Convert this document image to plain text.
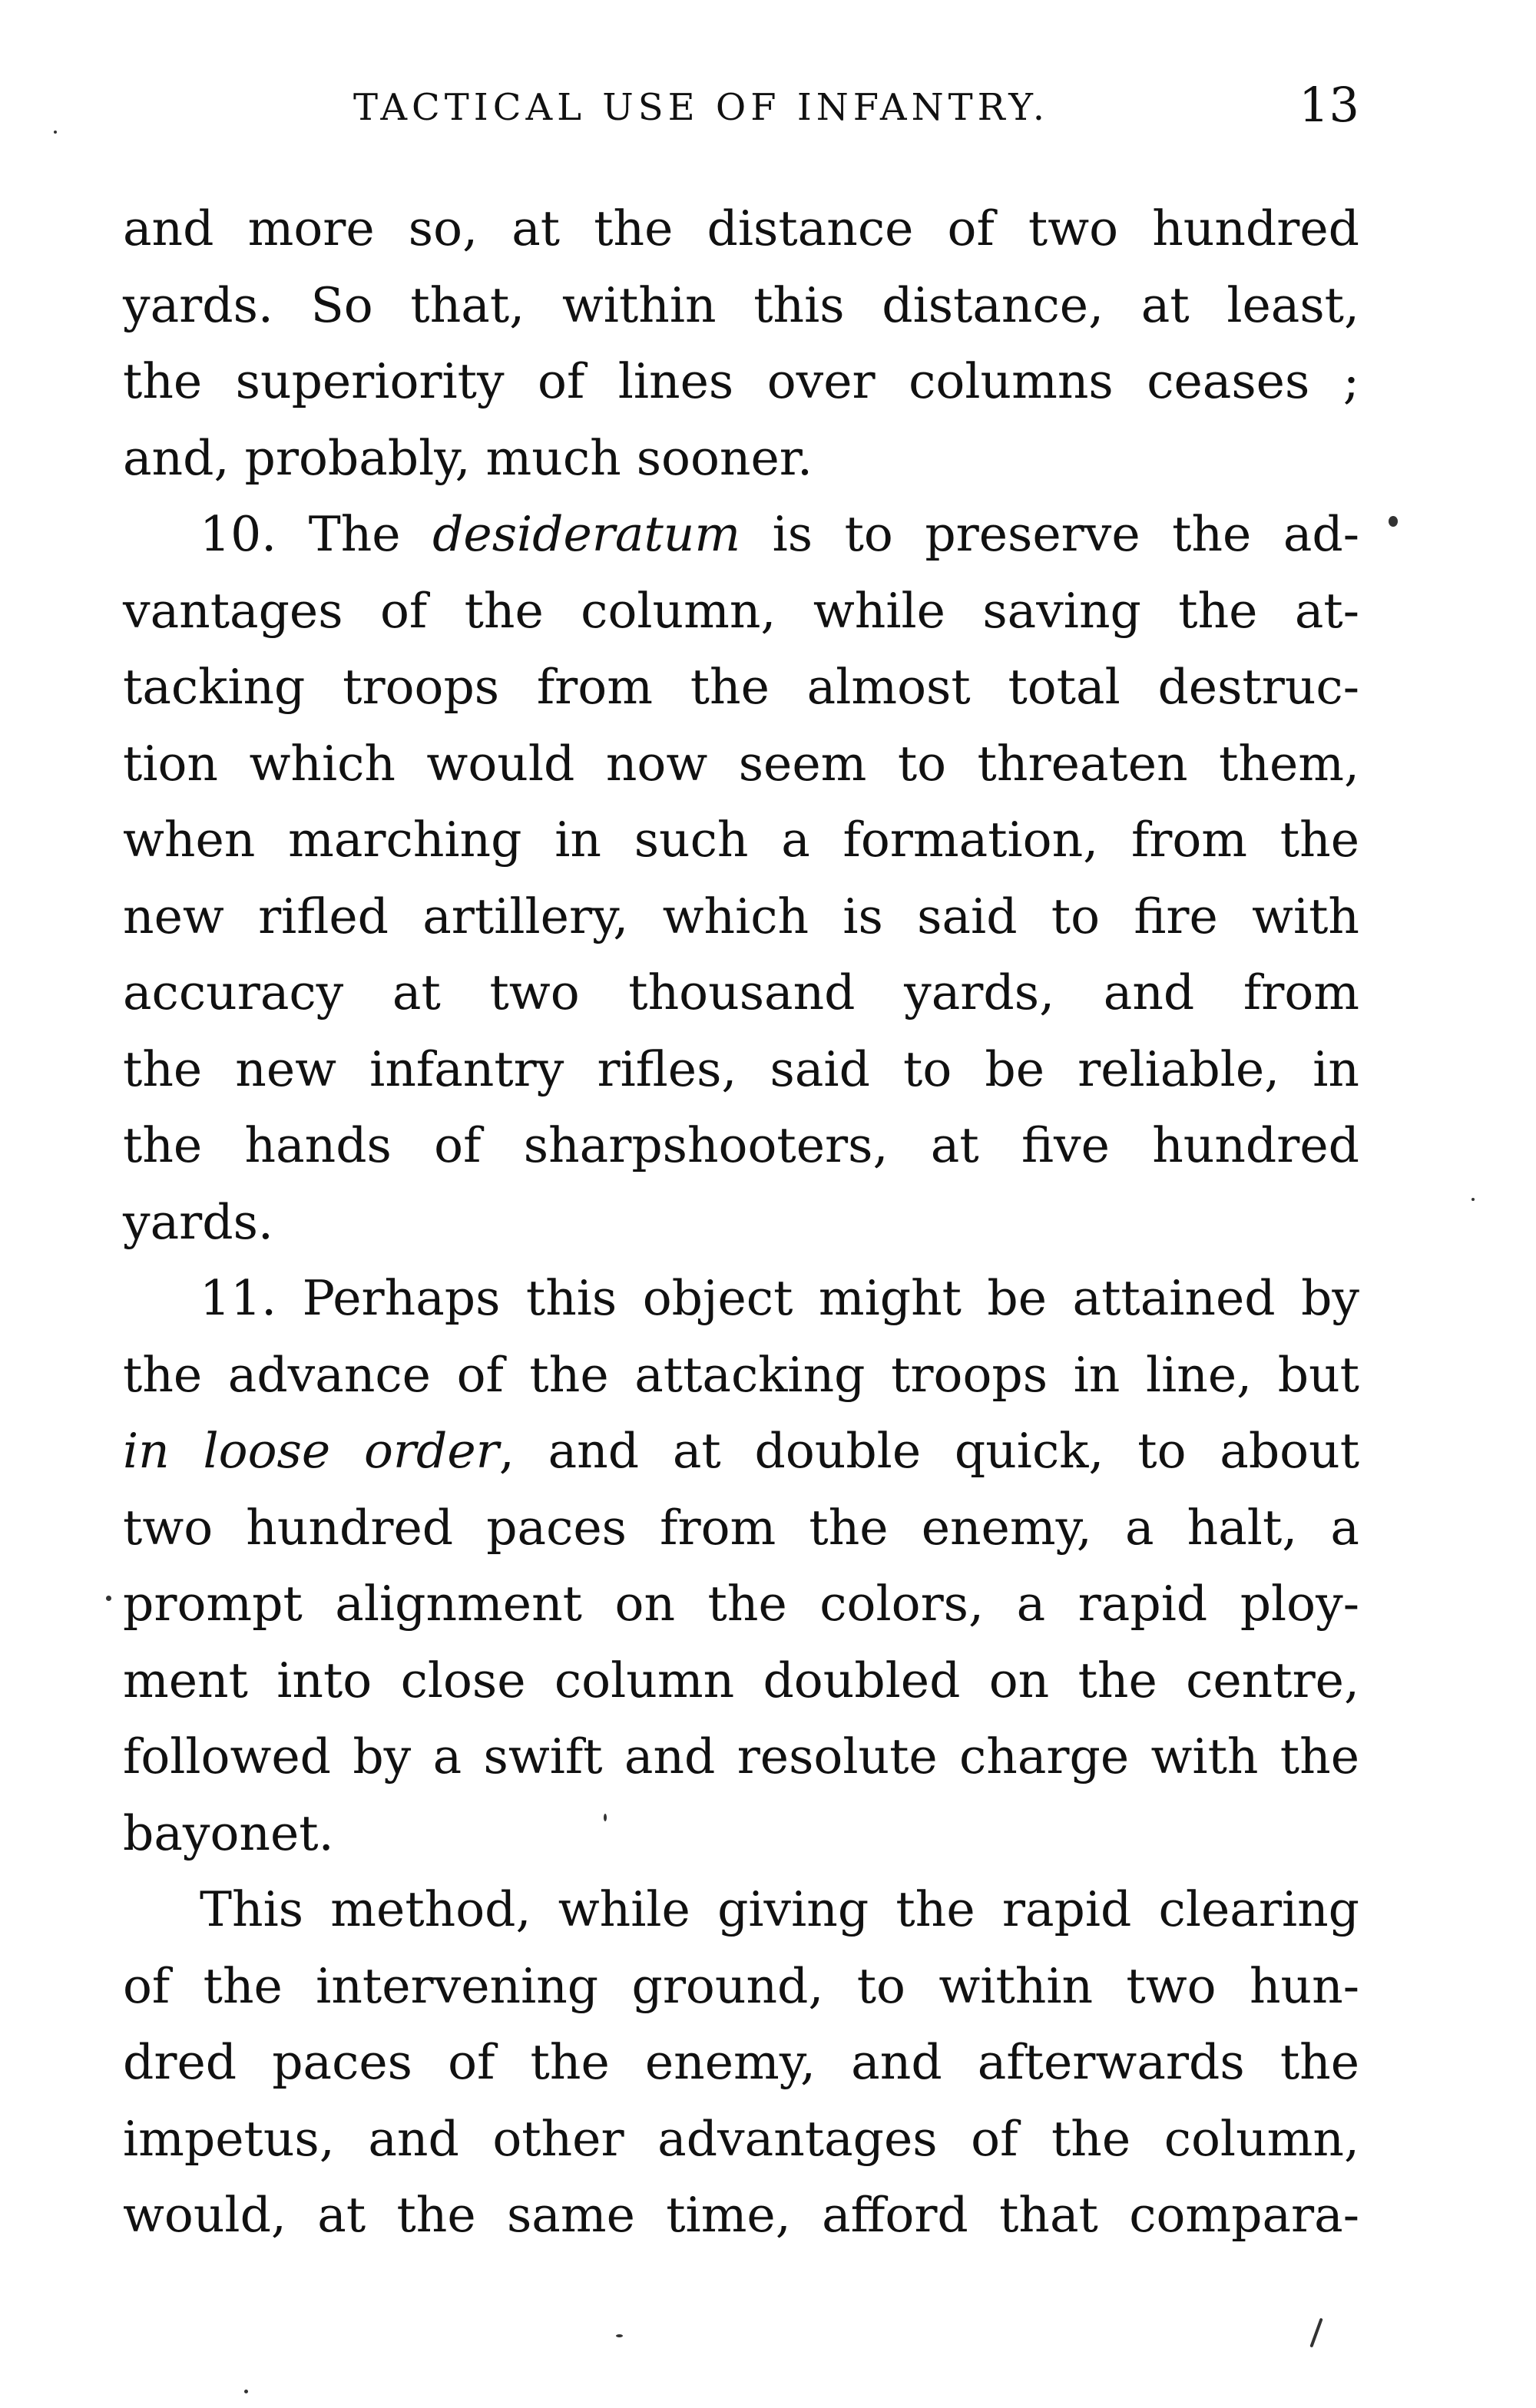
TACTICAL USE OF INFANTRY.	13
and more so, at the distance of two hundred
yards. So that, within this distance, at least,
the superiority of lines over columns ceases ;
and, probably, much sooner.
10. The desideratum is to preserve the ad-
vantages of the column, while saving the at-
tacking troops from the almost total destruc-
tion which would now seem to threaten them,
when marching in such a formation, from the
new rifled artillery, which is said to fire with
accuracy at two thousand yards, and from
the new infantry rifles, said to be reliable, in
the hands of sharpshooters, at five hundred
yards.
11. Perhaps this object might be attained by
the advance of the attacking troops in line, but
in loose order, and at double quick, to about
two hundred paces from the enemy, a halt, a
prompt alignment on the colors, a rapid ploy-
ment into close column doubled on the centre,
followed by a swift and resolute charge with the
bayonet.
This method, while giving the rapid clearing
of the intervening ground, to within two hun-
dred paces of the enemy, and afterwards the
impetus, and other advantages of the column,
would, at the same time, afford that compara-
